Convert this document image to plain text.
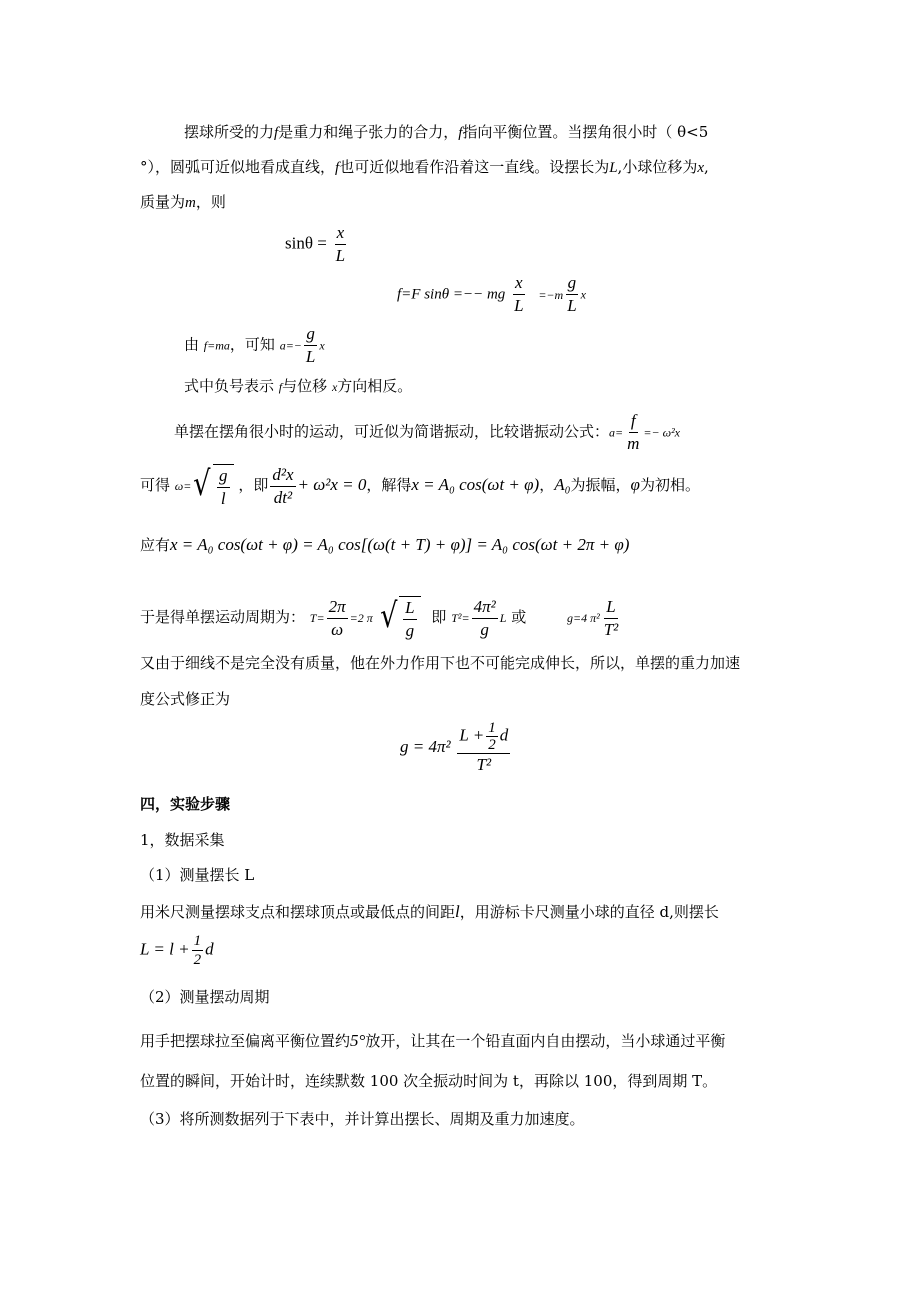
摆球所受的力f是重力和绳子张力的合力，f指向平衡位置。当摆角很小时（ θ<5
°），圆弧可近似地看成直线，f也可近似地看作沿着这一直线。设摆长为L,小球位移为x,
质量为m，则
$\sin\theta = \frac{x}{L}$
f=F sinθ =−− mg $\frac{x}{L} =-m \frac{g}{L}$ x
由 f=ma，可知 $a=- \frac{g}{L}$ x
式中负号表示 f与位移 x方向相反。
单摆在摆角很小时的运动，可近似为简谐振动，比较谐振动公式：$a= \frac{f}{m} =- \omega^2x$
可得 ω= √ $\frac{g}{l}$ ，即 $\frac{\text{d²x}}{\text{dt²}} + \omega^2x = 0$，解得x = A₀ cos(ωt + φ)，A₀为振幅，φ为初相。
应有x = A₀ cos(ωt + φ) = A₀ cos[(ω(t + T) + φ)] = A₀ cos(ωt + 2π + φ)
于是得单摆运动周期为： $T= \frac{2\pi}{\omega} =2$ π √ $\frac{L}{g}$ 即 $T^2= \frac{\text{4π²}}{g}$ L 或	g=4 $\pi^2 \frac{L}{\text{T²}}$
又由于细线不是完全没有质量，他在外力作用下也不可能完成伸长，所以，单摆的重力加速
度公式修正为
$g = 4\pi^2 \frac{L + \frac{1}{2} d}{\text{T²}}$
四，实验步骤
1，数据采集
（1）测量摆长 L
用米尺测量摆球支点和摆球顶点或最低点的间距l，用游标卡尺测量小球的直径 d,则摆长
$L = l + \frac{1}{2}$ d
（2）测量摆动周期
用手把摆球拉至偏离平衡位置约5°放开，让其在一个铅直面内自由摆动，当小球通过平衡
位置的瞬间，开始计时，连续默数 100 次全振动时间为 t，再除以 100，得到周期 T。
（3）将所测数据列于下表中，并计算出摆长、周期及重力加速度。
